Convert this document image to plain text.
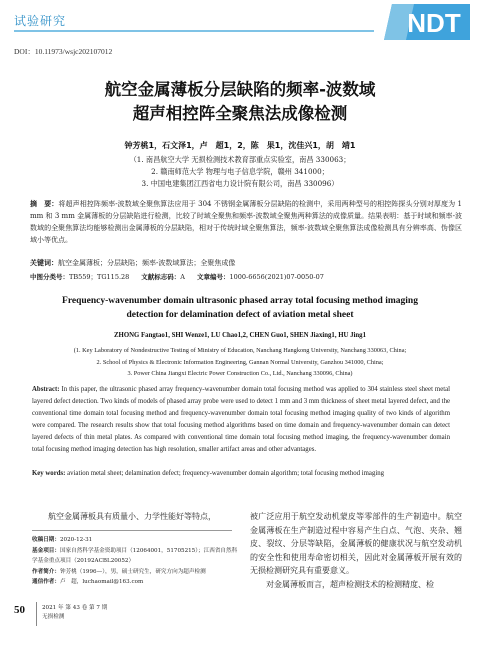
试验研究	NDT
DOI：10.11973/wsjc202107012
航空金属薄板分层缺陷的频率-波数域
超声相控阵全聚焦法成像检测
钟芳桃1，石文泽1，卢　超1，2，陈　果1，沈佳兴1，胡　靖1
（1. 南昌航空大学 无损检测技术教育部重点实验室，南昌 330063；
2. 赣南师范大学 物理与电子信息学院，赣州 341000；
3. 中国电建集团江西省电力设计院有限公司，南昌 330096）
摘　要：将超声相控阵频率-波数域全聚焦算法应用于 304 不锈钢金属薄板分层缺陷的检测中，采用两种型号的相控阵探头分别对厚度为 1 mm 和 3 mm 金属薄板的分层缺陷进行检测，比较了时域全聚焦和频率-波数域全聚焦两种算法的成像质量。结果表明：基于时域和频率-波数域的全聚焦算法均能够检测出金属薄板的分层缺陷，相对于传统时域全聚焦算法，频率-波数域全聚焦算法成像检测具有分辨率高、伪像区域小等优点。
关键词：航空金属薄板；分层缺陷；频率-波数域算法；全聚焦成像
中图分类号：TB559；TG115.28 文献标志码：A 文章编号：1000-6656(2021)07-0050-07
Frequency-wavenumber domain ultrasonic phased array total focusing method imaging
detection for delamination defect of aviation metal sheet
ZHONG Fangtao1, SHI Wenze1, LU Chao1,2, CHEN Guo1, SHEN Jiaxing1, HU Jing1
(1. Key Laboratory of Nondestructive Testing of Ministry of Education, Nanchang Hangkong University, Nanchang 330063, China;
2. School of Physics & Electronic Information Engineering, Gannan Normal University, Ganzhou 341000, China;
3. Power China Jiangxi Electric Power Construction Co., Ltd., Nanchang 330096, China)
Abstract: In this paper, the ultrasonic phased array frequency-wavenumber domain total focusing method was applied to 304 stainless steel sheet metal layered defect detection. Two kinds of models of phased array probe were used to detect 1 mm and 3 mm thickness of sheet metal layered defect, and the conventional time domain total focusing method and frequency-wavenumber domain total focusing method imaging quality of two kinds of algorithm were compared. The research results show that total focusing method algorithms based on time domain and frequency-wavenumber domain can detect layered defects of thin metal plates. As compared with conventional time domain total focusing method imaging, the frequency-wavenumber domain total focusing method imaging detection has high resolution, smaller artifact areas and other advantages.
Key words: aviation metal sheet; delamination defect; frequency-wavenumber domain algorithm; total focusing method imaging
航空金属薄板具有质量小、力学性能好等特点，
收稿日期：2020-12-31
基金项目：国家自然科学基金资助项目（12064001，51705215）；江西省自然科学基金重点项目（20192ACBL20052）
作者简介：钟芳桃（1996—），男，硕士研究生，研究方向为超声检测
通信作者：卢　超，luchaomail@163.com

被广泛应用于航空发动机蒙皮等零部件的生产制造中。航空金属薄板在生产制造过程中容易产生白点、气泡、夹杂、翘皮、裂纹、分层等缺陷，金属薄板的健康状况与航空发动机的安全性和使用寿命密切相关，因此对金属薄板开展有效的无损检测研究具有重要意义。

对金属薄板而言，超声检测技术的检测精度、检

50	2021 年 第 43 卷 第 7 期
无损检测
